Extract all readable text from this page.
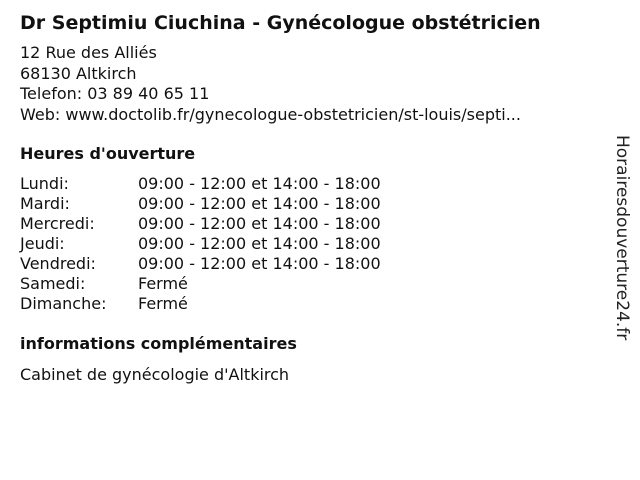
Dr Septimiu Ciuchina - Gynécologue obstétricien
12 Rue des Alliés
68130 Altkirch
Telefon: 03 89 40 65 11
Web: www.doctolib.fr/gynecologue-obstetricien/st-louis/septi...
Heures d'ouverture
Lundi:	09:00 - 12:00 et 14:00 - 18:00
Mardi:	09:00 - 12:00 et 14:00 - 18:00
Mercredi:	09:00 - 12:00 et 14:00 - 18:00
Jeudi:	09:00 - 12:00 et 14:00 - 18:00
Vendredi:	09:00 - 12:00 et 14:00 - 18:00
Samedi:	Fermé
Dimanche: Fermé
informations complémentaires
Cabinet de gynécologie d'Altkirch
Horairesdouverture24.fr
